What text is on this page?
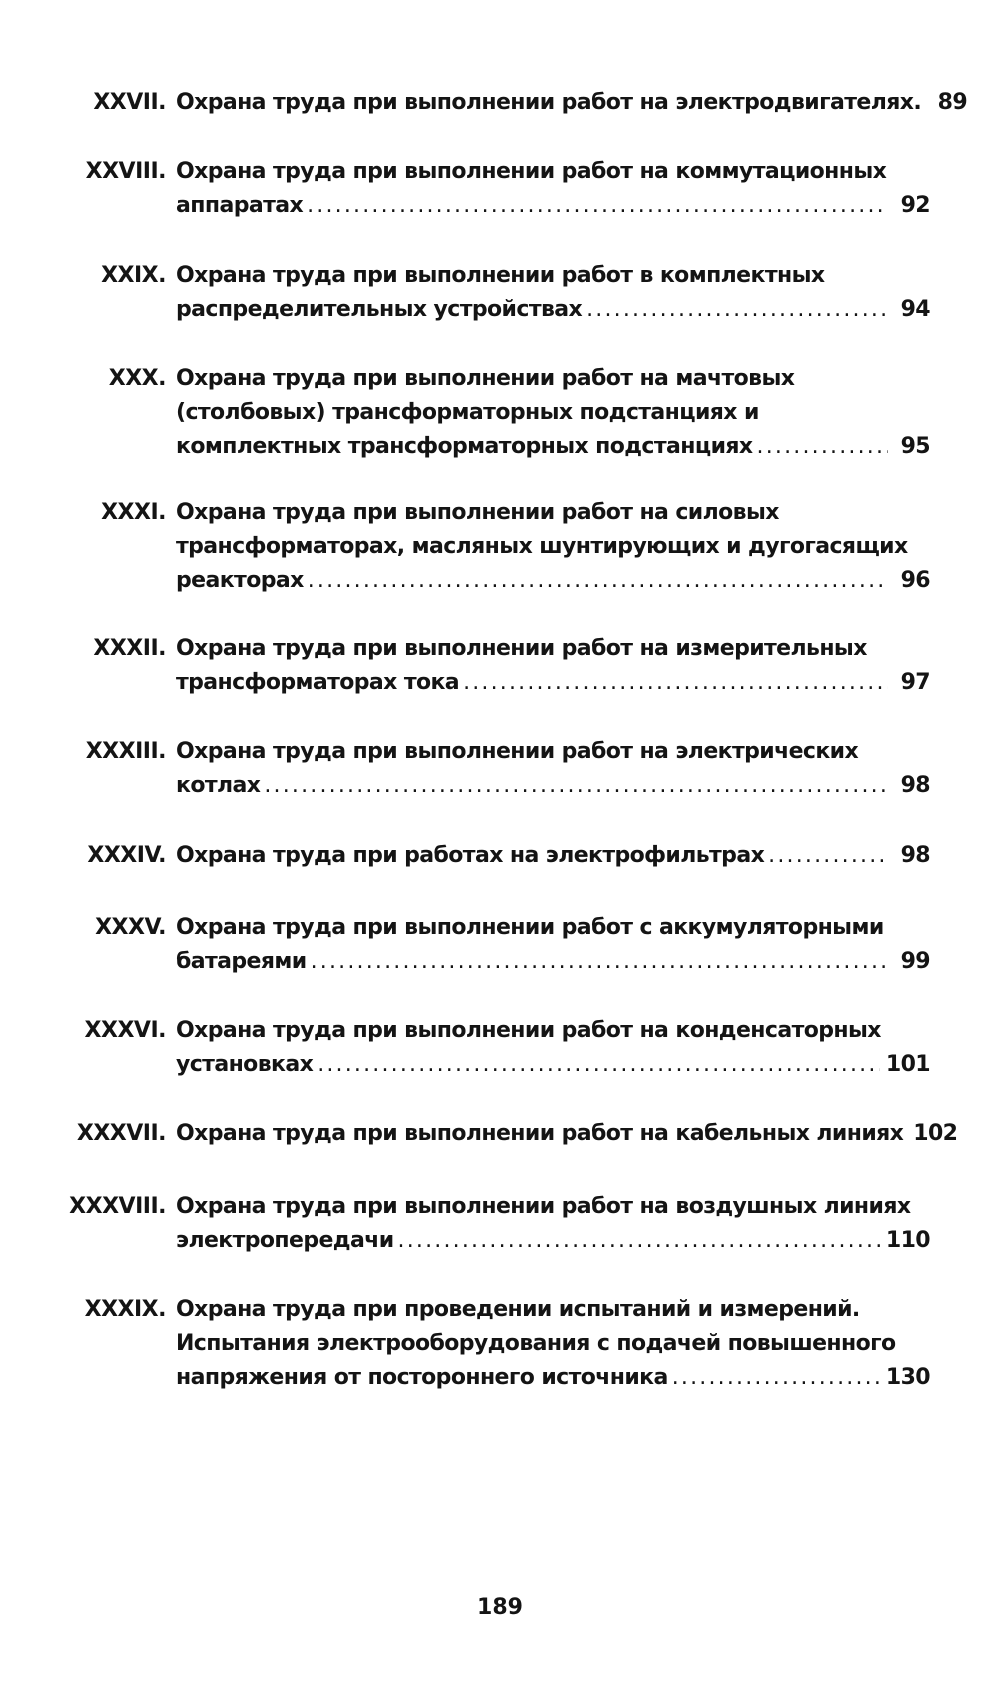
XXVII. Охрана труда при выполнении работ на электродвигателях. 89
XXVIII. Охрана труда при выполнении работ на коммутационных
аппаратах . . .	92
XXIX. Охрана труда при выполнении работ в комплектных
распределительных устройствах . . .	94
XXX. Охрана труда при выполнении работ на мачтовых
(столбовых) трансформаторных подстанциях и
комплектных трансформаторных подстанциях . . .	95
XXXI. Охрана труда при выполнении работ на силовых
трансформаторах, масляных шунтирующих и дугогасящих
реакторах . . .	96
XXXII. Охрана труда при выполнении работ на измерительных
трансформаторах тока . . .	97
XXXIII. Охрана труда при выполнении работ на электрических
котлах . . .	98
XXXIV. Охрана труда при работах на электрофильтрах . . .	98
XXXV. Охрана труда при выполнении работ с аккумуляторными
батареями . . .	99
XXXVI. Охрана труда при выполнении работ на конденсаторных
установках . . .	101
XXXVII. Охрана труда при выполнении работ на кабельных линиях 102
XXXVIII. Охрана труда при выполнении работ на воздушных линиях
электропередачи . . .	110
XXXIX. Охрана труда при проведении испытаний и измерений.
Испытания электрооборудования с подачей повышенного
напряжения от постороннего источника . . .	130
189
